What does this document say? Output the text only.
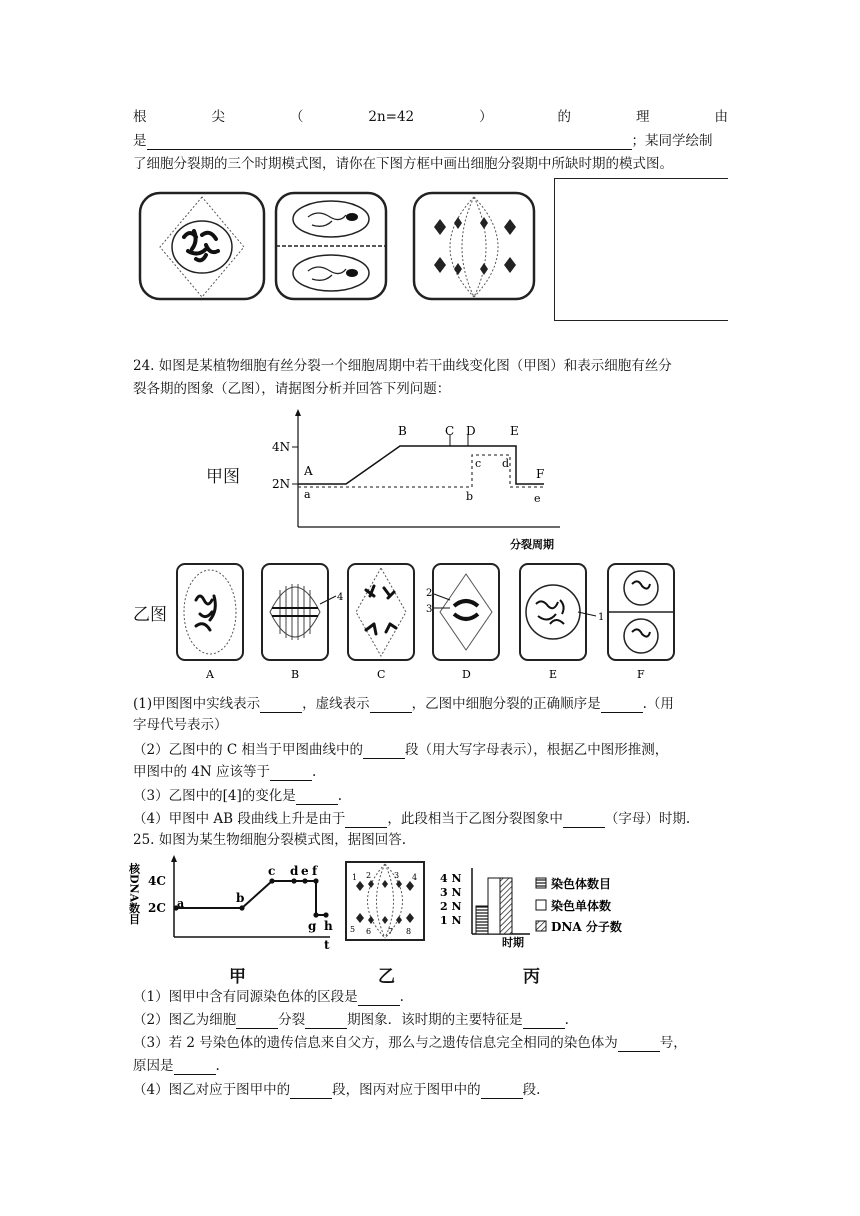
根	尖	（	2n=42	）	的	理	由
是	；某同学绘制
了细胞分裂期的三个时期模式图，请你在下图方框中画出细胞分裂期中所缺时期的模式图。
24. 如图是某植物细胞有丝分裂一个细胞周期中若干曲线变化图（甲图）和表示细胞有丝分
裂各期的图象（乙图），请据图分析并回答下列问题：
甲图
4N
2N
A
B	C D	E
F
a	b
c d
e
分裂周期
乙图
4	2
3
1
A	B	C	D	E	F
(1)甲图图中实线表示	，虚线表示	，乙图中细胞分裂的正确顺序是	.（用
字母代号表示）
（2）乙图中的 C 相当于甲图曲线中的	段（用大写字母表示），根据乙中图形推测，
甲图中的 4N 应该等于	.
（3）乙图中的[4]的变化是	.
（4）甲图中 AB 段曲线上升是由于	，此段相当于乙图分裂图象中	（字母）时期.
25. 如图为某生物细胞分裂模式图，据图回答.
核DNA数目 4C
2C a	b
c d e f
g h
t
1 2	3 4
5 6 7 8
4 N
3 N
2 N
1 N
时期
染色体数目
染色单体数
DNA 分子数
甲	乙	丙
（1）图甲中含有同源染色体的区段是	.
（2）图乙为细胞	分裂	期图象．该时期的主要特征是	.
（3）若 2 号染色体的遗传信息来自父方，那么与之遗传信息完全相同的染色体为	号，
原因是	.
（4）图乙对应于图甲中的	段，图丙对应于图甲中的	段.
